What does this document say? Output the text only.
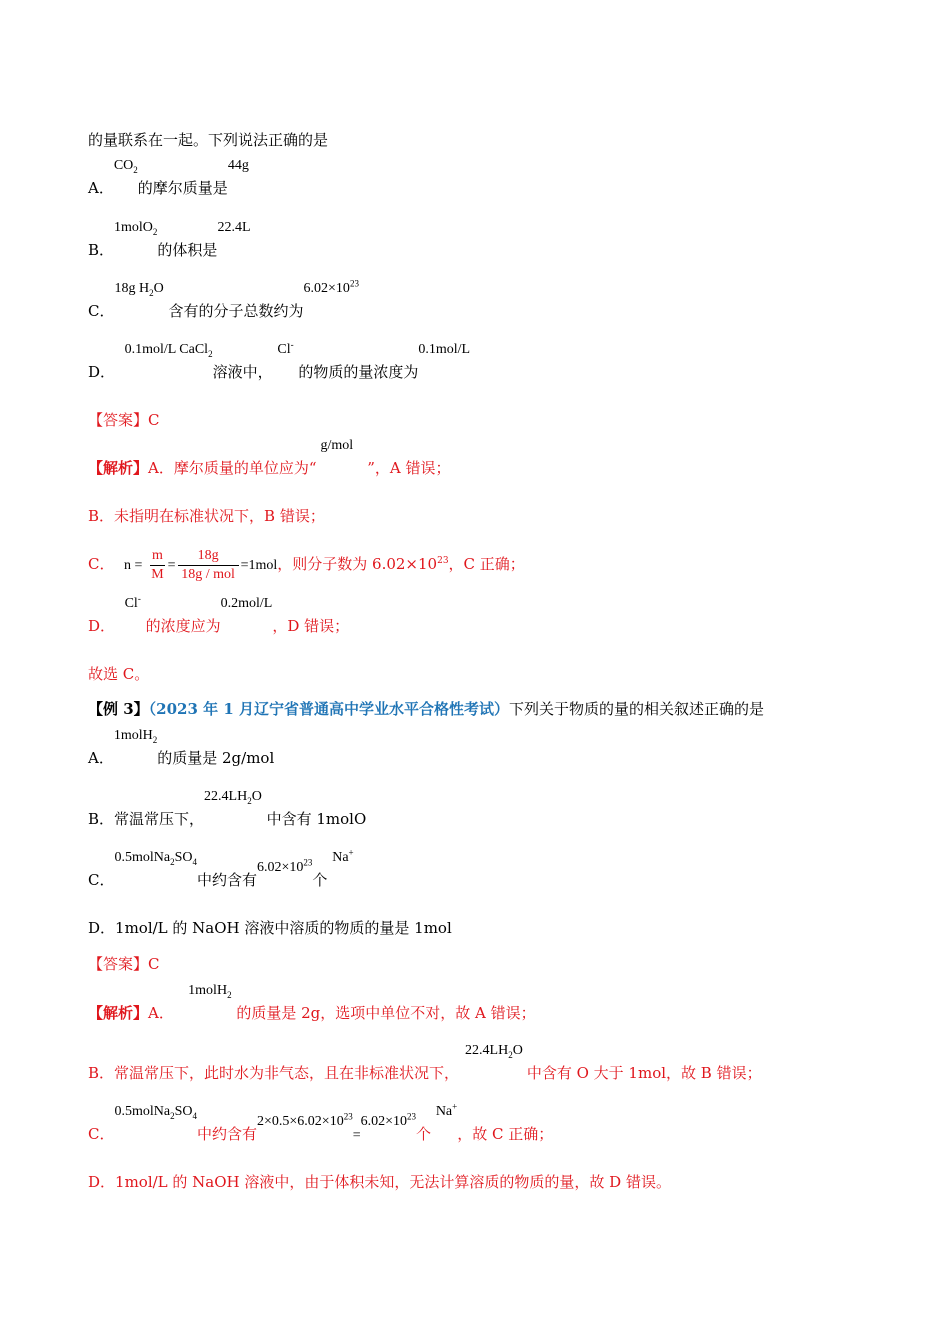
的量联系在一起。下列说法正确的是
A．$CO_2$的摩尔质量是44g
B．1molO$_2$的体积是22.4L
C．18g $H_2O$ 含有的分子总数约为$6.02\times 10^{23}$
D．  0.1mol/L CaCl$_2$溶液中， Cl- 的物质的量浓度为0.1mol/L
【答案】C
【解析】A．摩尔质量的单位应为“g/mol”，A 错误；
B．未指明在标准状况下，B 错误；
C． $n = \frac{m}{M} = \frac{18g}{\text{18g / mol}} =1mol$，则分子数为 $6.02\times 10^{23}$，C 正确；
D．  Cl- 的浓度应为0.2mol/L，D 错误；
故选 C。
【例 3】（2023 年 1 月辽宁省普通高中学业水平合格性考试）下列关于物质的量的相关叙述正确的是
A．1molH$_2$的质量是 2g/mol
B．常温常压下，$22.4LH_2O$ 中含有 1molO
C．$0.5molNa_2SO_4$中约含有$6.02\times 10^{23}$个 Na+
D．1mol/L 的 NaOH 溶液中溶质的物质的量是 1mol
【答案】C
【解析】A．   1molH$_2$ 的质量是 2g，选项中单位不对，故 A 错误；
B．常温常压下，此时水为非气态，且在非标准状况下，$22.4LH_2O$中含有 O 大于 1mol，故 B 错误；
C．$0.5molNa_2SO_4$中约含有$2\times 0.5\times 6.02\times 10^{23}=6.02\times 10^{23}$个 Na+，故 C 正确；
D．1mol/L 的 NaOH 溶液中，由于体积未知，无法计算溶质的物质的量，故 D 错误。
